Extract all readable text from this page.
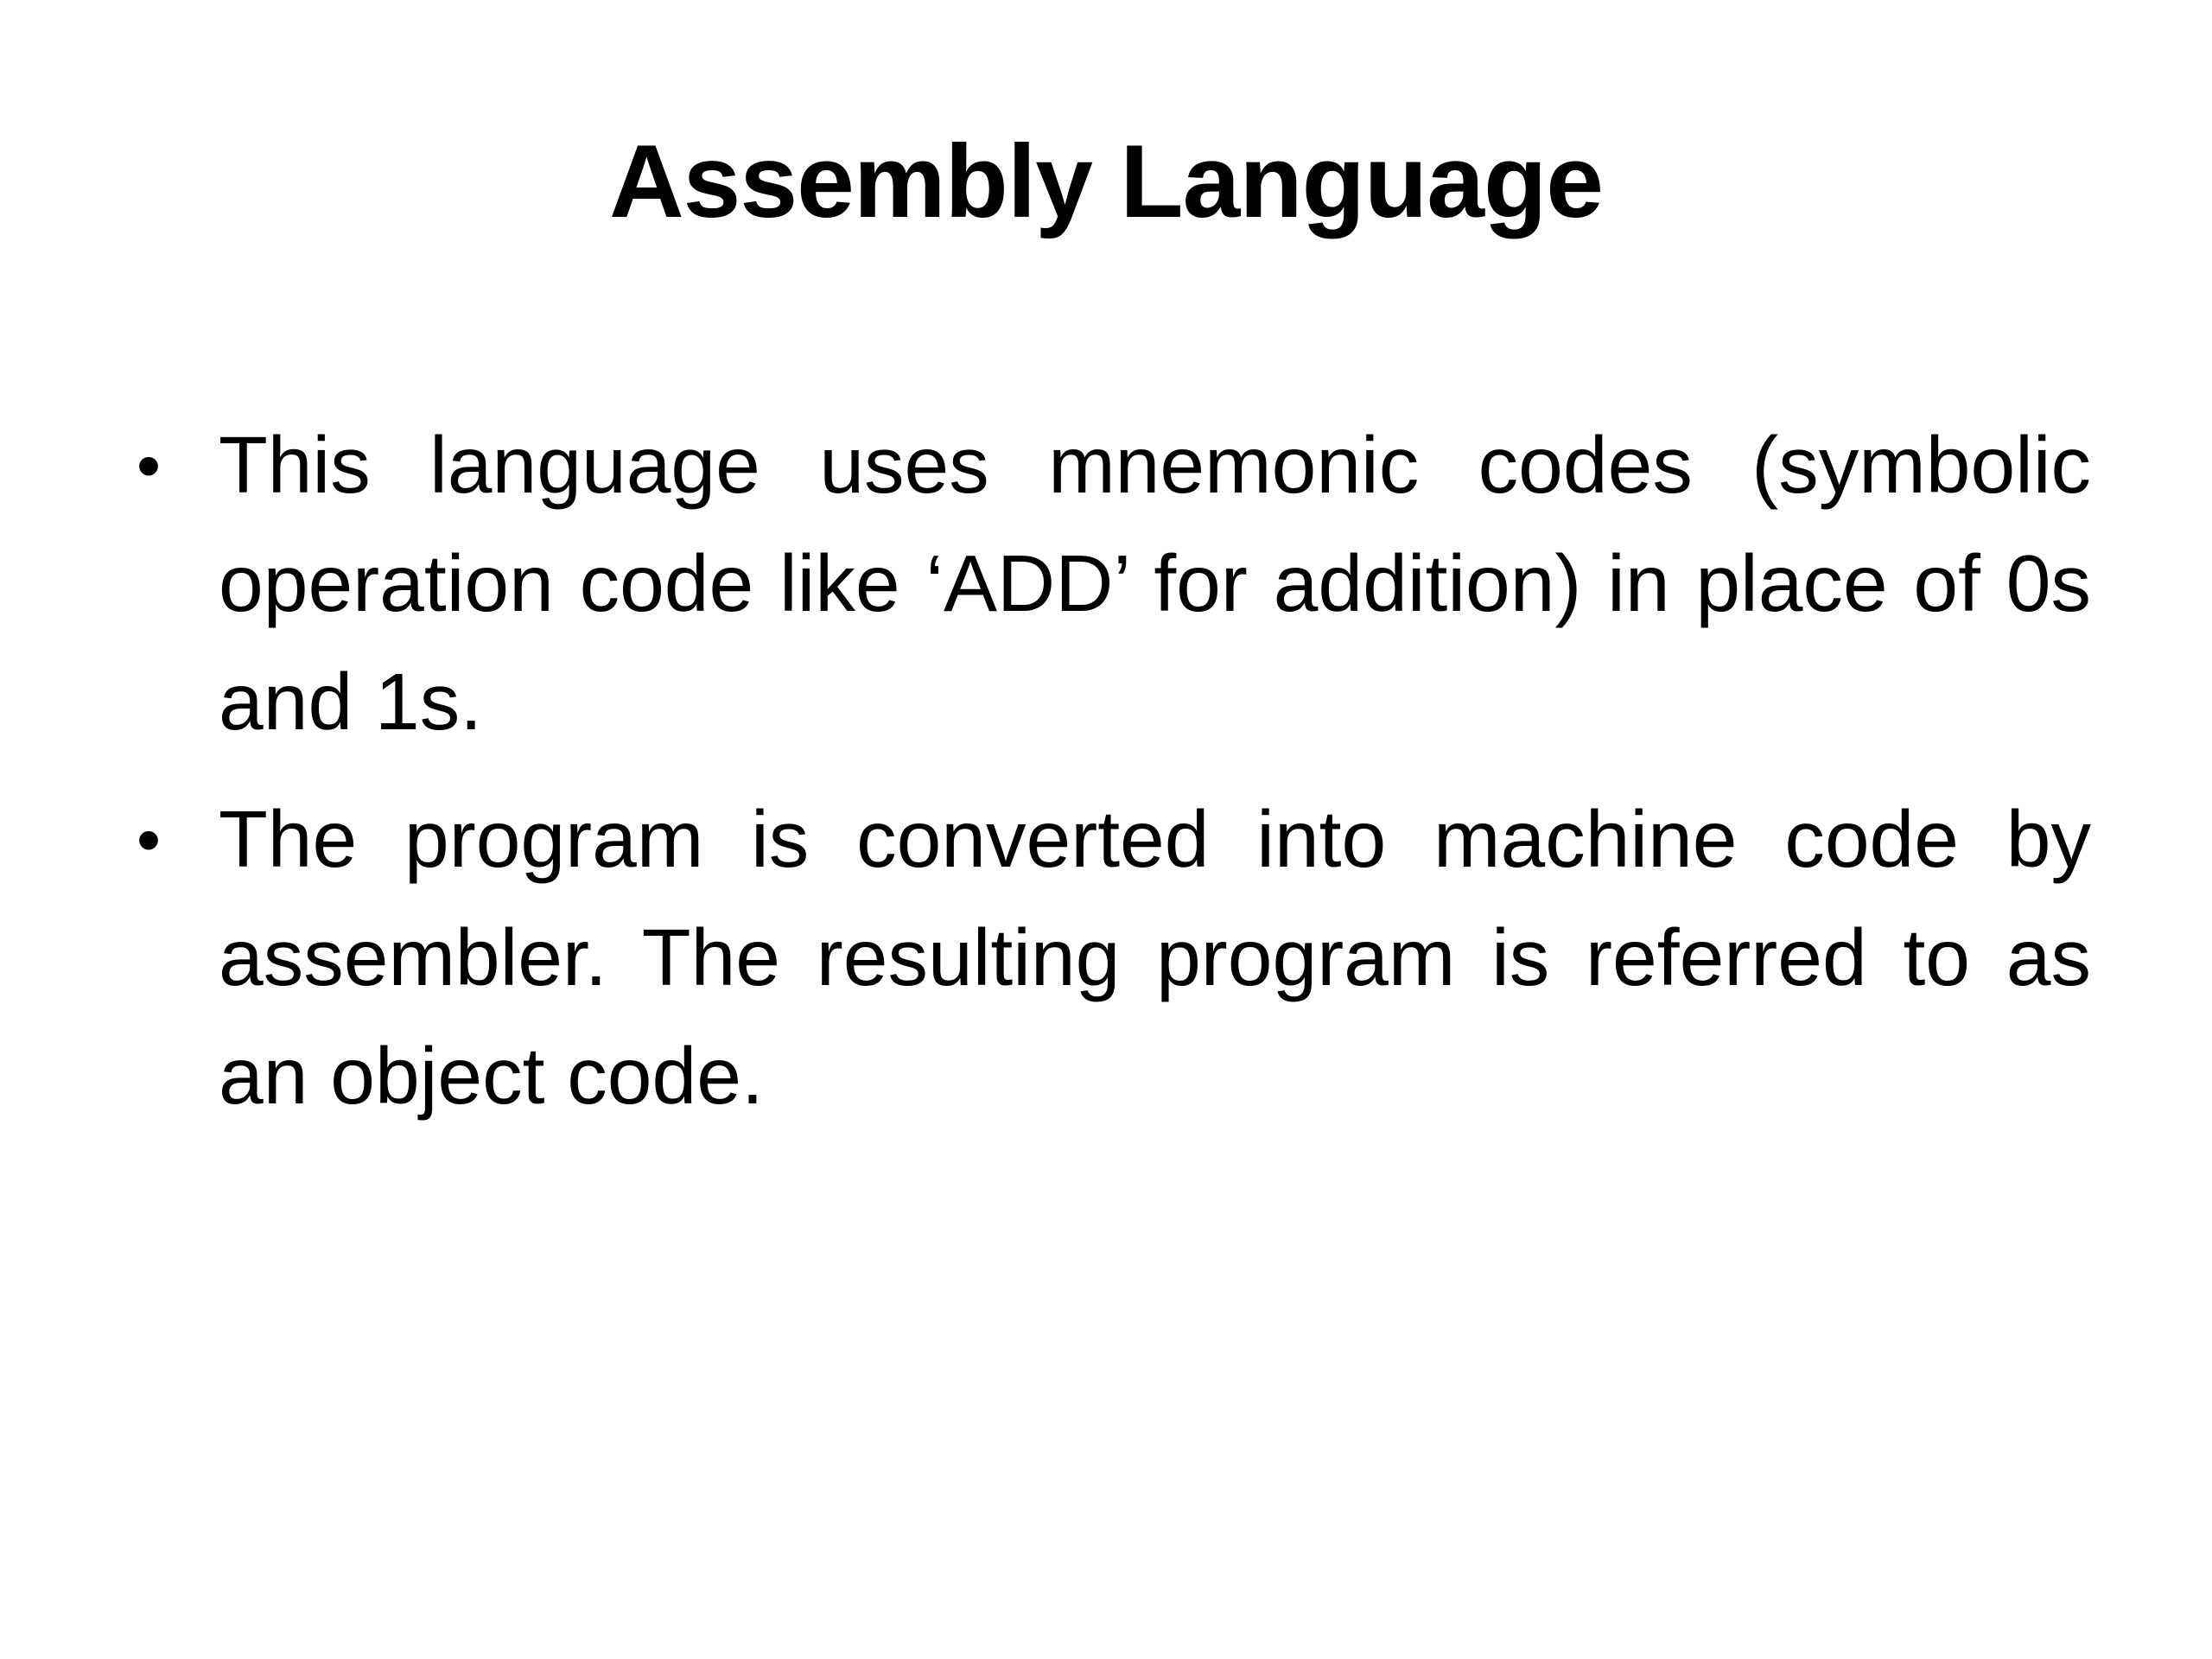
Assembly Language
• This language uses mnemonic codes (symbolic operation code like ‘ADD’ for addition) in place of 0s and 1s.
• The program is converted into machine code by assembler. The resulting program is referred to as an object code.
